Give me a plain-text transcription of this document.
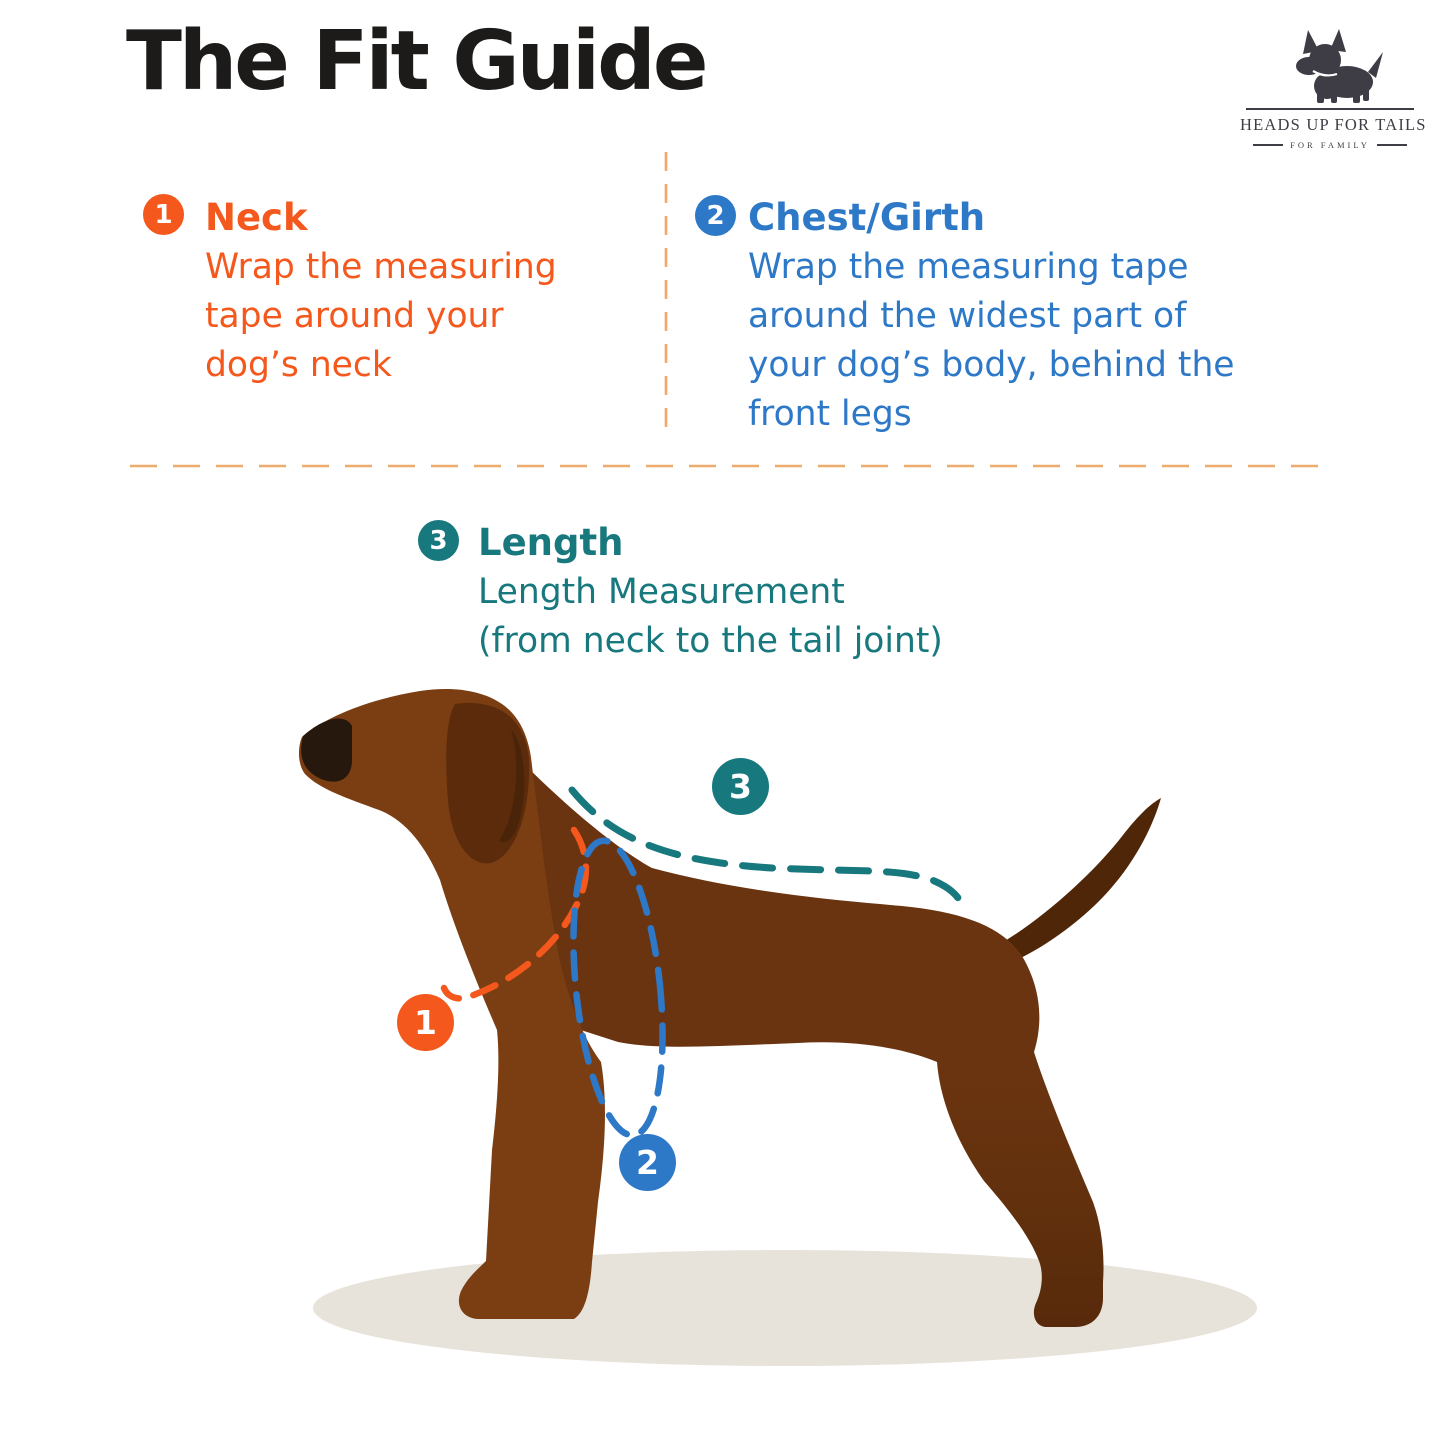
The Fit Guide
HEADS UP FOR TAILS
FOR FAMILY
1 Neck
Wrap the measuring
tape around your
dog’s neck
2 Chest/Girth
Wrap the measuring tape
around the widest part of
your dog’s body, behind the
front legs
3 Length
Length Measurement
(from neck to the tail joint)
1
2
3
